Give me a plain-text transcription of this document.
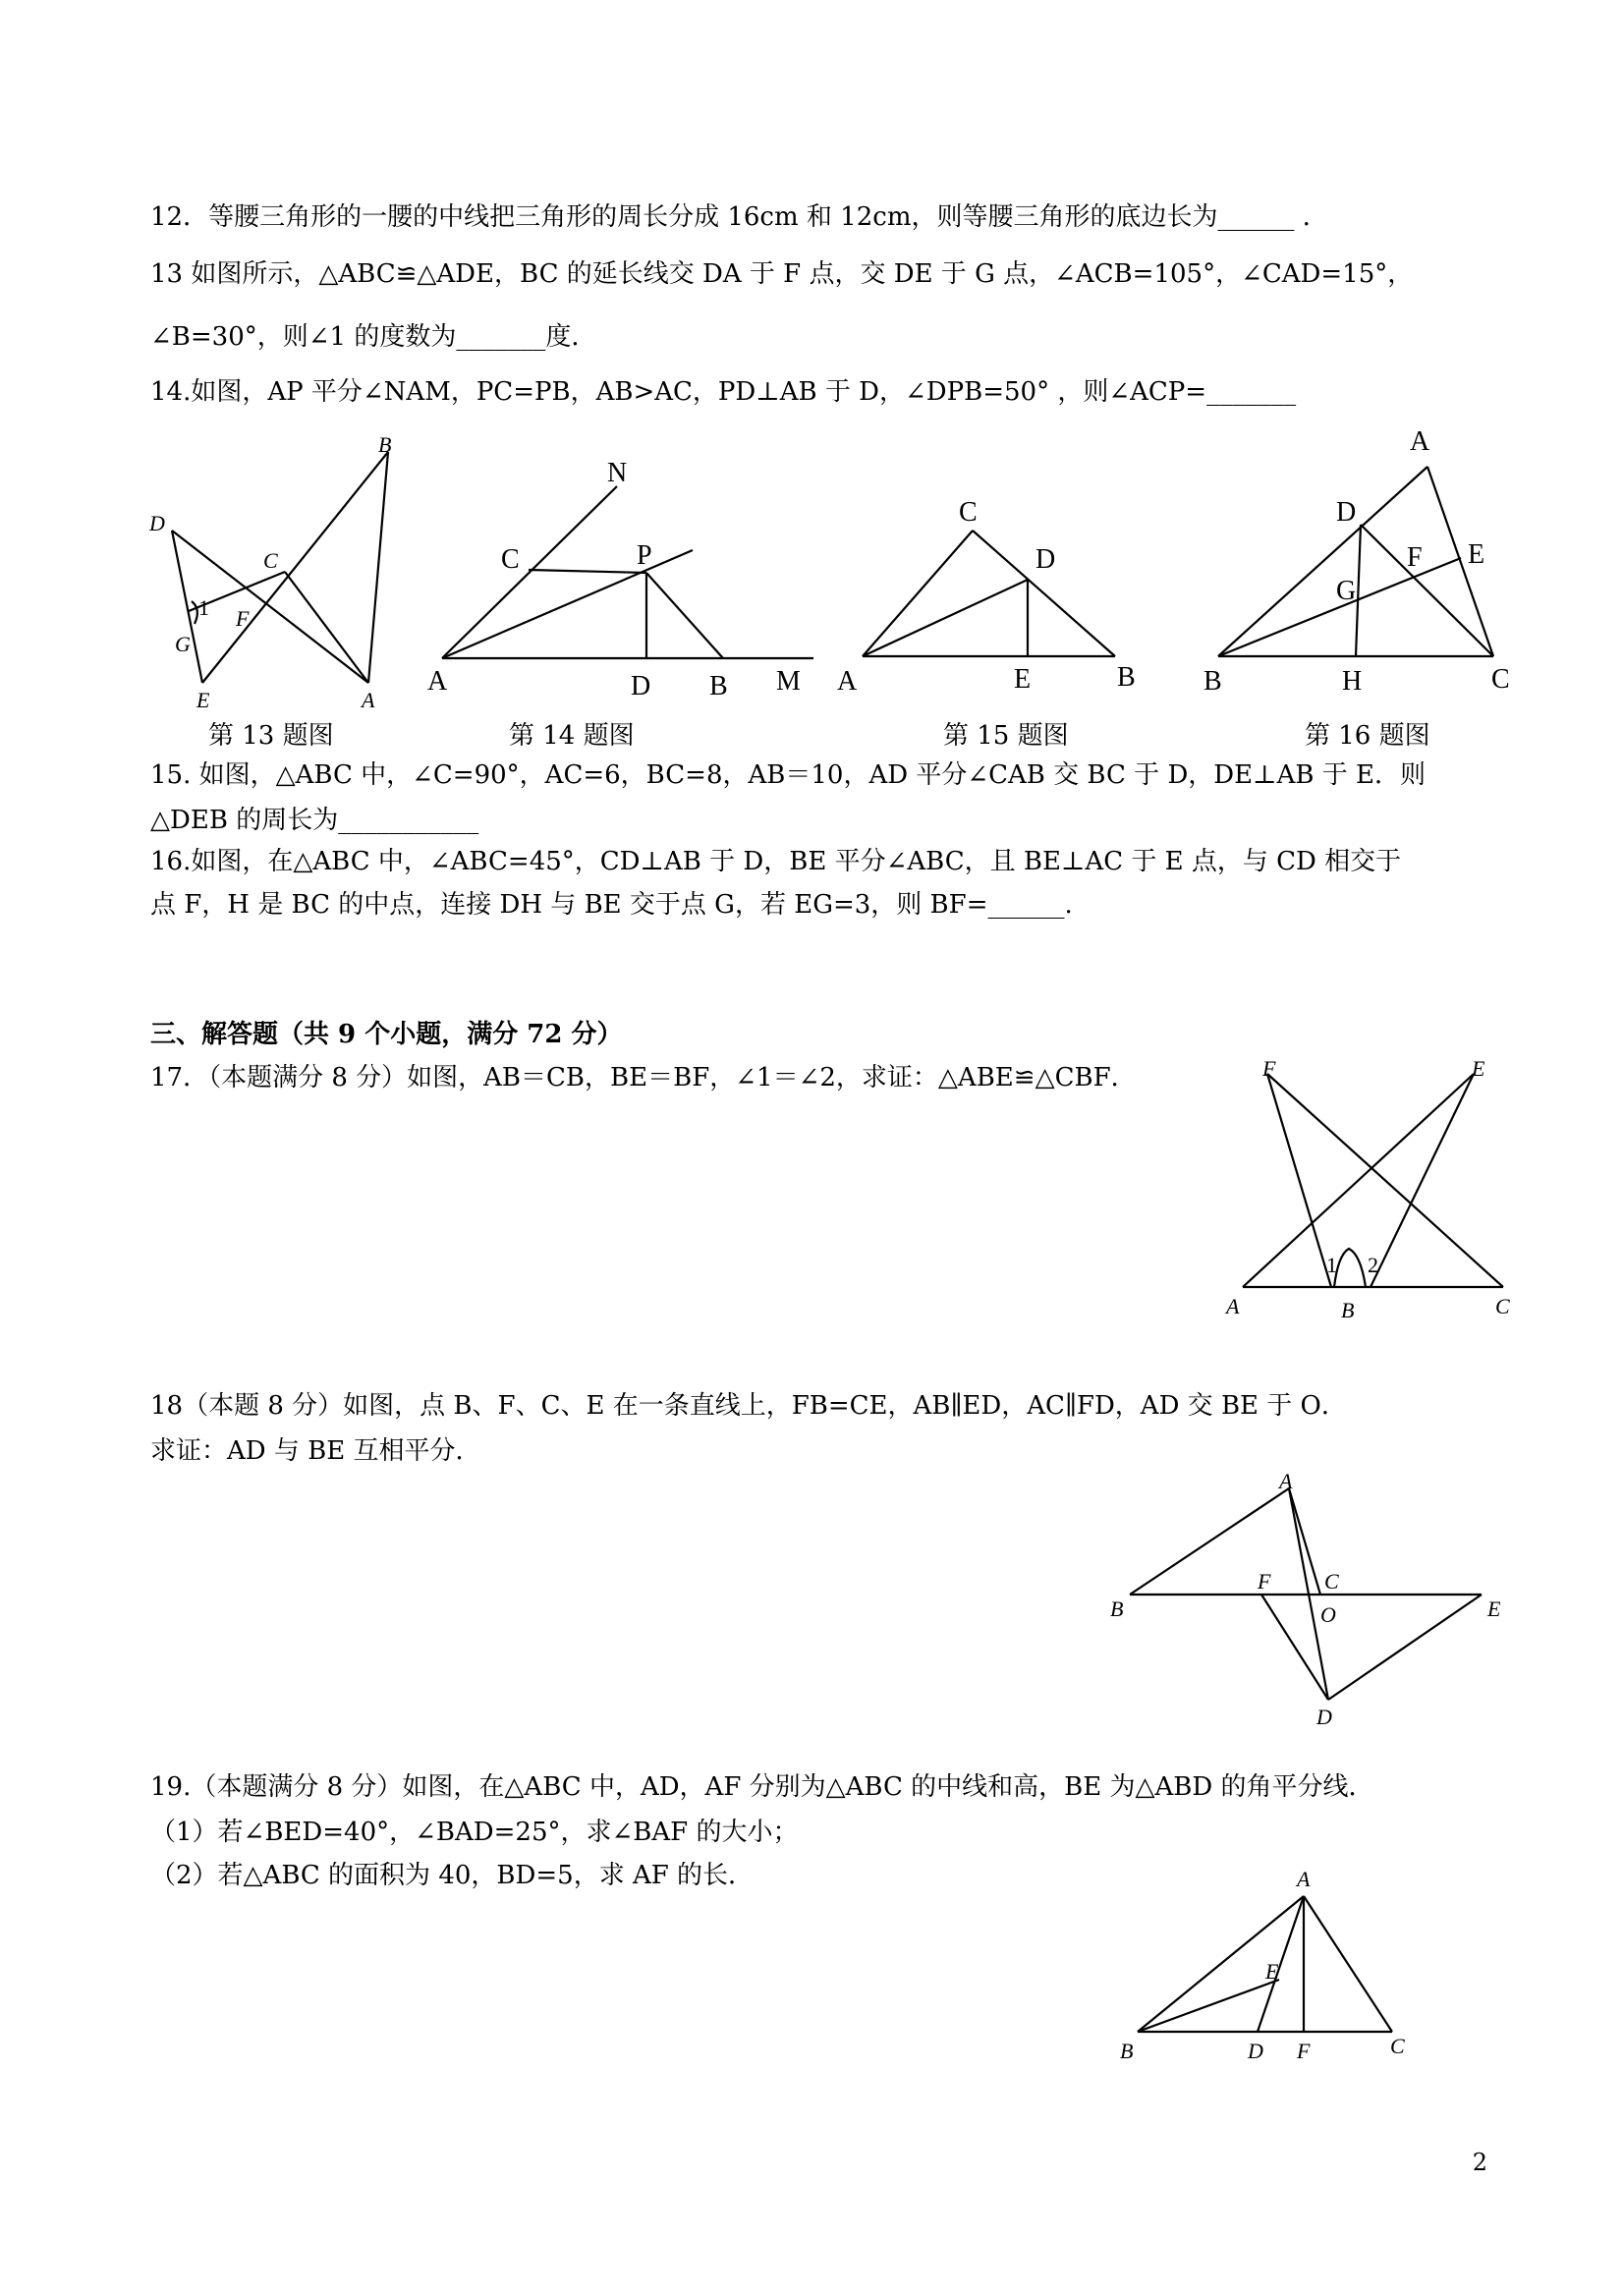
12．等腰三角形的一腰的中线把三角形的周长分成 16cm 和 12cm，则等腰三角形的底边长为______ ．
13 如图所示，△ABC≌△ADE，BC 的延长线交 DA 于 F 点，交 DE 于 G 点，∠ACB=105°，∠CAD=15°，
∠B=30°，则∠1 的度数为_______度．
14.如图，AP 平分∠NAM，PC=PB，AB>AC，PD⊥AB 于 D，∠DPB=50° ，则∠ACP=_______
B
D
C
1 F
G
E	A
N
C	P
A	D B M
C
D
A	E	B
A
D
E
F
G
B	H	C
第 13 题图	第 14 题图	第 15 题图	第 16 题图
15. 如图，△ABC 中，∠C=90°，AC=6，BC=8，AB＝10，AD 平分∠CAB 交 BC 于 D，DE⊥AB 于 E．则
△DEB 的周长为___________
16.如图，在△ABC 中，∠ABC=45°，CD⊥AB 于 D，BE 平分∠ABC，且 BE⊥AC 于 E 点，与 CD 相交于
点 F，H 是 BC 的中点，连接 DH 与 BE 交于点 G，若 EG=3，则 BF=______.
三、解答题（共 9 个小题，满分 72 分）
17．（本题满分 8 分）如图，AB＝CB，BE＝BF，∠1＝∠2，求证：△ABE≌△CBF．	F	E
1 2
A	B	C
18（本题 8 分）如图，点 B、F、C、E 在一条直线上，FB=CE，AB∥ED，AC∥FD，AD 交 BE 于 O．
求证：AD 与 BE 互相平分．
A
B
F C
O	E
D
19.（本题满分 8 分）如图，在△ABC 中，AD，AF 分别为△ABC 的中线和高，BE 为△ABD 的角平分线．
（1）若∠BED=40°，∠BAD=25°，求∠BAF 的大小；
（2）若△ABC 的面积为 40，BD=5，求 AF 的长．	A
E
B	D F	C
2
